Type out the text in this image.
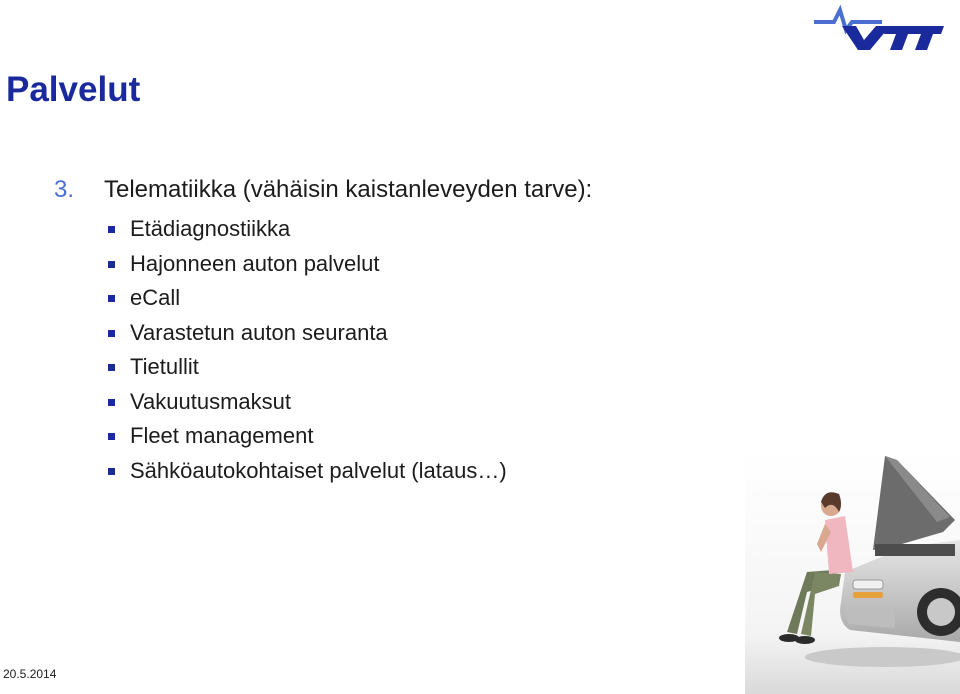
Palvelut

3. Telematiikka (vähäisin kaistanleveyden tarve):

Etädiagnostiikka
Hajonneen auton palvelut
eCall
Varastetun auton seuranta
Tietullit
Vakuutusmaksut
Fleet management
Sähköautokohtaiset palvelut (lataus…)
20.5.2014
